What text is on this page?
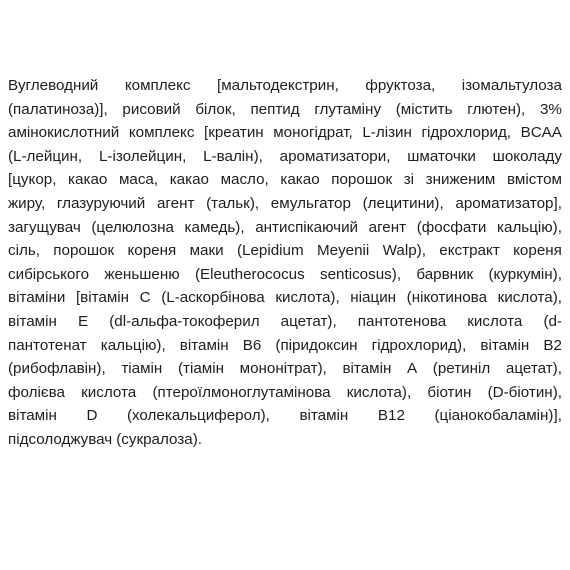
Вуглеводний комплекс [мальтодекстрин, фруктоза, ізомальтулоза
(палатиноза)], рисовий білок, пептид глутаміну (містить глютен), 3%
амінокислотний комплекс [креатин моногідрат, L-лізин гідрохлорид, BCAA
(L-лейцин, L-ізолейцин, L-валін), ароматизатори, шматочки шоколаду
[цукор, какао маса, какао масло, какао порошок зі зниженим вмістом
жиру, глазуруючий агент (тальк), емульгатор (лецитини), ароматизатор],
загущувач (целюлозна камедь), антиспікаючий агент (фосфати кальцію),
сіль, порошок кореня маки (Lepidium Meyenii Walp), екстракт кореня
сибірського женьшеню (Eleutherococus senticosus), барвник (куркумін),
вітаміни [вітамін С (L-аскорбінова кислота), ніацин (нікотинова кислота),
вітамін Е (dl-альфа-токоферил ацетат), пантотенова кислота (d-
пантотенат кальцію), вітамін В6 (піридоксин гідрохлорид), вітамін В2
(рибофлавін), тіамін (тіамін мононітрат), вітамін А (ретиніл ацетат),
фолієва кислота (птероїлмоноглутамінова кислота), біотин (D-біотин),
вітамін D (холекальциферол), вітамін В12 (ціанокобаламін)],
підсолоджувач (сукралоза).
